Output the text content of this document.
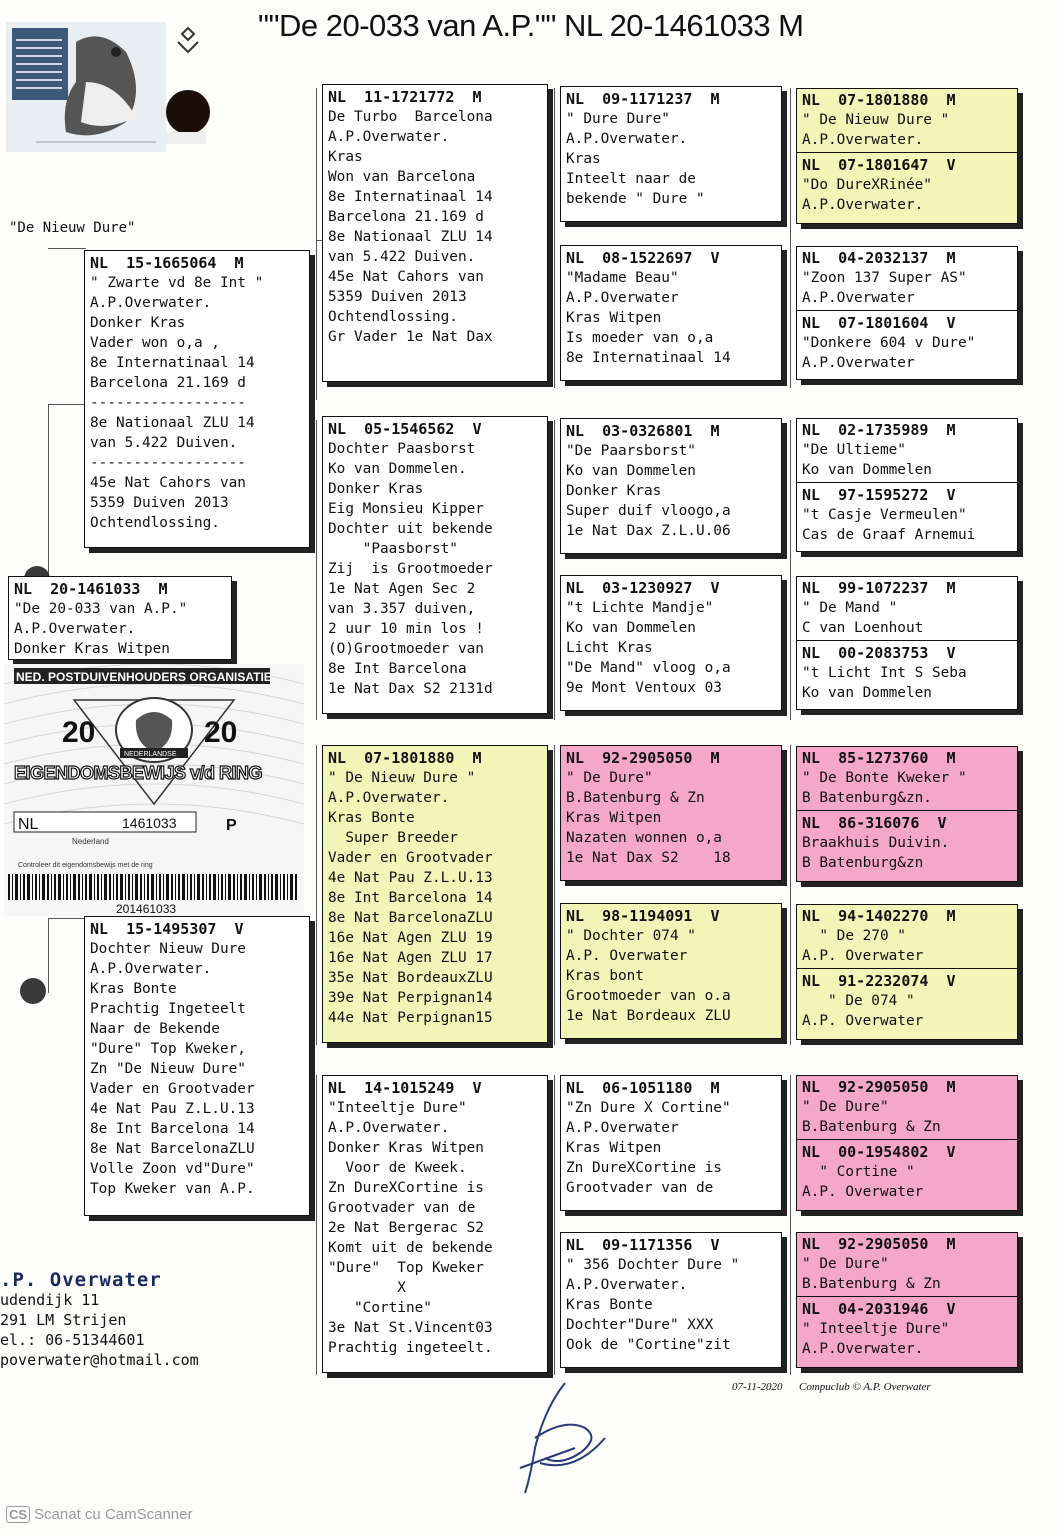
""De 20-033 van A.P."" NL 20-1461033 M
"De Nieuw Dure"
NL  15-1665064  M
" Zwarte vd 8e Int "
A.P.Overwater.
Donker Kras
Vader won o,a ,
8e Internatinaal 14
Barcelona 21.169 d
------------------
8e Nationaal ZLU 14
van 5.422 Duiven.
------------------
45e Nat Cahors van
5359 Duiven 2013
Ochtendlossing.
NL  20-1461033  M
"De 20-033 van A.P."
A.P.Overwater.
Donker Kras Witpen
NL  15-1495307  V
Dochter Nieuw Dure
A.P.Overwater.
Kras Bonte
Prachtig Ingeteelt
Naar de Bekende
"Dure" Top Kweker,
Zn "De Nieuw Dure"
Vader en Grootvader
4e Nat Pau Z.L.U.13
8e Int Barcelona 14
8e Nat BarcelonaZLU
Volle Zoon vd"Dure"
Top Kweker van A.P.
NL  11-1721772  M
De Turbo  Barcelona
A.P.Overwater.
Kras
Won van Barcelona
8e Internatinaal 14
Barcelona 21.169 d
8e Nationaal ZLU 14
van 5.422 Duiven.
45e Nat Cahors van
5359 Duiven 2013
Ochtendlossing.
Gr Vader 1e Nat Dax
NL  05-1546562  V
Dochter Paasborst
Ko van Dommelen.
Donker Kras
Eig Monsieu Kipper
Dochter uit bekende
"Paasborst"
Zij  is Grootmoeder
1e Nat Agen Sec 2
van 3.357 duiven,
2 uur 10 min los !
(O)Grootmoeder van
8e Int Barcelona
1e Nat Dax S2 2131d
NL  07-1801880  M
" De Nieuw Dure "
A.P.Overwater.
Kras Bonte
Super Breeder
Vader en Grootvader
4e Nat Pau Z.L.U.13
8e Int Barcelona 14
8e Nat BarcelonaZLU
16e Nat Agen ZLU 19
16e Nat Agen ZLU 17
35e Nat BordeauxZLU
39e Nat Perpignan14
44e Nat Perpignan15
NL  14-1015249  V
"Inteeltje Dure"
A.P.Overwater.
Donker Kras Witpen
Voor de Kweek.
Zn DureXCortine is
Grootvader van de
2e Nat Bergerac S2
Komt uit de bekende
"Dure"  Top Kweker
X
"Cortine"
3e Nat St.Vincent03
Prachtig ingeteelt.
NL  09-1171237  M
" Dure Dure"
A.P.Overwater.
Kras
Inteelt naar de
bekende " Dure "
NL  08-1522697  V
"Madame Beau"
A.P.Overwater
Kras Witpen
Is moeder van o,a
8e Internatinaal 14
NL  03-0326801  M
"De Paarsborst"
Ko van Dommelen
Donker Kras
Super duif vloogo,a
1e Nat Dax Z.L.U.06
NL  03-1230927  V
"t Lichte Mandje"
Ko van Dommelen
Licht Kras
"De Mand" vloog o,a
9e Mont Ventoux 03
NL  92-2905050  M
" De Dure"
B.Batenburg & Zn
Kras Witpen
Nazaten wonnen o,a
1e Nat Dax S2    18
NL  98-1194091  V
" Dochter 074 "
A.P. Overwater
Kras bont
Grootmoeder van o.a
1e Nat Bordeaux ZLU
NL  06-1051180  M
"Zn Dure X Cortine"
A.P.Overwater
Kras Witpen
Zn DureXCortine is
Grootvader van de
NL  09-1171356  V
" 356 Dochter Dure "
A.P.Overwater.
Kras Bonte
Dochter"Dure" XXX
Ook de "Cortine"zit
NL  07-1801880  M
" De Nieuw Dure "
A.P.Overwater.
NL  07-1801647  V
"Do DureXRinée"
A.P.Overwater.
NL  04-2032137  M
"Zoon 137 Super AS"
A.P.Overwater
NL  07-1801604  V
"Donkere 604 v Dure"
A.P.Overwater
NL  02-1735989  M
"De Ultieme"
Ko van Dommelen
NL  97-1595272  V
"t Casje Vermeulen"
Cas de Graaf Arnemui
NL  99-1072237  M
" De Mand "
C van Loenhout
NL  00-2083753  V
"t Licht Int S Seba
Ko van Dommelen
NL  85-1273760  M
" De Bonte Kweker "
B Batenburg&zn.
NL  86-316076  V
Braakhuis Duivin.
B Batenburg&zn
NL  94-1402270  M
" De 270 "
A.P. Overwater
NL  91-2232074  V
" De 074 "
A.P. Overwater
NL  92-2905050  M
" De Dure"
B.Batenburg & Zn
NL  00-1954802  V
" Cortine "
A.P. Overwater
NL  92-2905050  M
" De Dure"
B.Batenburg & Zn
NL  04-2031946  V
" Inteeltje Dure"
A.P.Overwater.
NED. POSTDUIVENHOUDERS ORGANISATIE
20	20
NEDERLANDSE
EIGENDOMSBEWIJS v/d RING
NL	1461033
Nederland
P
Controleer dit eigendomsbewijs met de ring
201461033
.P. Overwater
udendijk 11
291 LM Strijen
el.: 06-51344601
poverwater@hotmail.com
07-11-2020      Compuclub © A.P. Overwater
CS Scanat cu CamScanner
